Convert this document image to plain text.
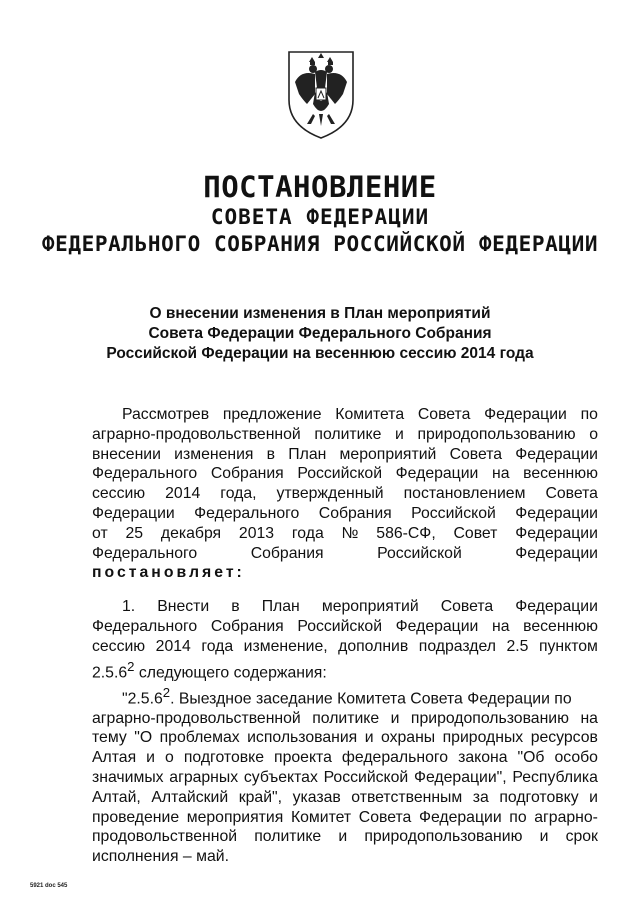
ПОСТАНОВЛЕНИЕ
СОВЕТА ФЕДЕРАЦИИ
ФЕДЕРАЛЬНОГО СОБРАНИЯ РОССИЙСКОЙ ФЕДЕРАЦИИ
О внесении изменения в План мероприятий
Совета Федерации Федерального Собрания
Российской Федерации на весеннюю сессию 2014 года
Рассмотрев предложение Комитета Совета Федерации по
аграрно-продовольственной политике и природопользованию о
внесении изменения в План мероприятий Совета Федерации
Федерального Собрания Российской Федерации на весеннюю
сессию 2014 года, утвержденный постановлением Совета
Федерации Федерального Собрания Российской Федерации
от 25 декабря 2013 года № 586-СФ, Совет Федерации
Федерального	Собрания	Российской	Федерации
постановляет:
1. Внести в План мероприятий Совета Федерации
Федерального Собрания Российской Федерации на весеннюю
сессию 2014 года изменение, дополнив подраздел 2.5 пунктом
2.5.6$^2$ следующего содержания:
"2.5.6$^2$. Выездное заседание Комитета Совета Федерации по
аграрно-продовольственной политике и природопользованию на
тему "О проблемах использования и охраны природных ресурсов
Алтая и о подготовке проекта федерального закона "Об особо
значимых аграрных субъектах Российской Федерации", Республика
Алтай, Алтайский край", указав ответственным за подготовку и
проведение мероприятия Комитет Совета Федерации по аграрно-
продовольственной политике и природопользованию и срок
исполнения – май.
5921 doc 545
